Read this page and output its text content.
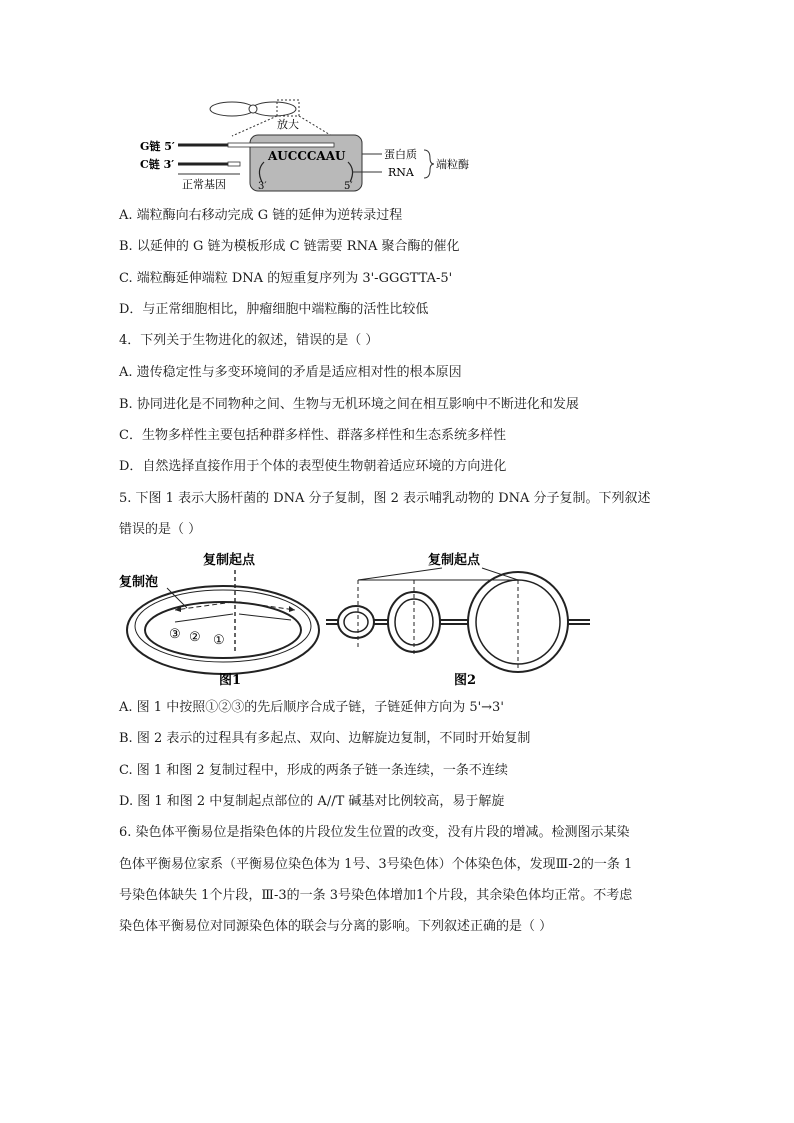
放大
G链 5′
C链 3′
正常基因
AUCCCAAU
3′	5′
蛋白质
RNA
端粒酶
A. 端粒酶向右移动完成 G 链的延伸为逆转录过程
B. 以延伸的 G 链为模板形成 C 链需要 RNA 聚合酶的催化
C. 端粒酶延伸端粒 DNA 的短重复序列为 3'-GGGTTA-5'
D．与正常细胞相比，肿瘤细胞中端粒酶的活性比较低
4．下列关于生物进化的叙述，错误的是（ ）
A. 遗传稳定性与多变环境间的矛盾是适应相对性的根本原因
B. 协同进化是不同物种之间、生物与无机环境之间在相互影响中不断进化和发展
C．生物多样性主要包括种群多样性、群落多样性和生态系统多样性
D．自然选择直接作用于个体的表型使生物朝着适应环境的方向进化
5. 下图 1 表示大肠杆菌的 DNA 分子复制，图 2 表示哺乳动物的 DNA 分子复制。下列叙述
错误的是（ ）
复制起点
复制泡
③ ② ①
图1
复制起点
图2
A. 图 1 中按照①②③的先后顺序合成子链，子链延伸方向为 5'→3'
B. 图 2 表示的过程具有多起点、双向、边解旋边复制，不同时开始复制
C. 图 1 和图 2 复制过程中，形成的两条子链一条连续，一条不连续
D. 图 1 和图 2 中复制起点部位的 A//T 碱基对比例较高，易于解旋
6. 染色体平衡易位是指染色体的片段位发生位置的改变，没有片段的增减。检测图示某染
色体平衡易位家系（平衡易位染色体为 1号、3号染色体）个体染色体，发现Ⅲ-2的一条 1
号染色体缺失 1个片段，Ⅲ-3的一条 3号染色体增加1个片段，其余染色体均正常。不考虑
染色体平衡易位对同源染色体的联会与分离的影响。下列叙述正确的是（ ）
